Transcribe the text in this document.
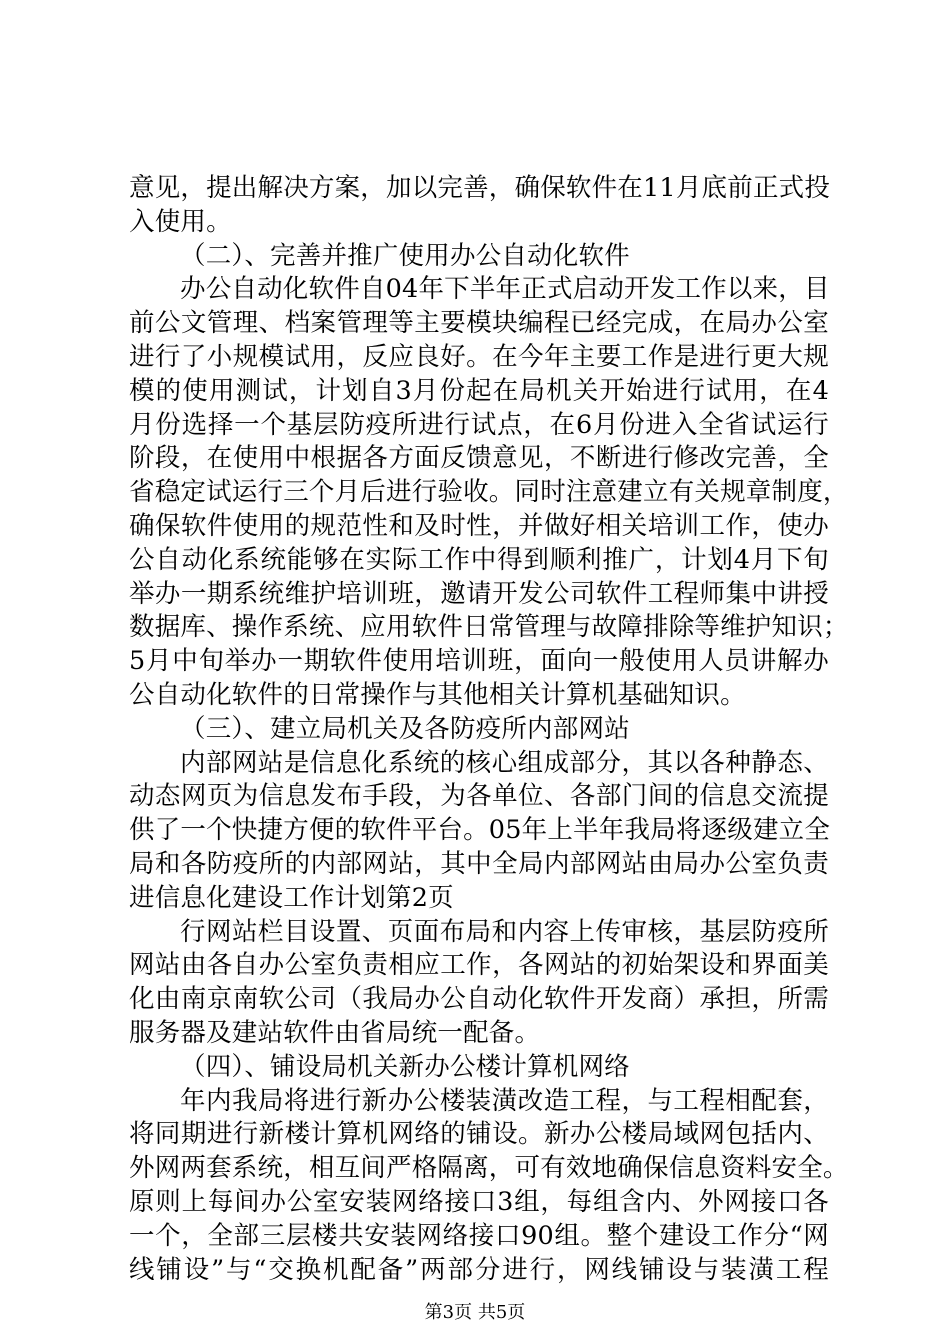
意见，提出解决方案，加以完善，确保软件在11月底前正式投
入使用。
（二）、完善并推广使用办公自动化软件
办公自动化软件自04年下半年正式启动开发工作以来，目
前公文管理、档案管理等主要模块编程已经完成，在局办公室
进行了小规模试用，反应良好。在今年主要工作是进行更大规
模的使用测试，计划自3月份起在局机关开始进行试用，在4
月份选择一个基层防疫所进行试点，在6月份进入全省试运行
阶段，在使用中根据各方面反馈意见，不断进行修改完善，全
省稳定试运行三个月后进行验收。同时注意建立有关规章制度，
确保软件使用的规范性和及时性，并做好相关培训工作，使办
公自动化系统能够在实际工作中得到顺利推广，计划4月下旬
举办一期系统维护培训班，邀请开发公司软件工程师集中讲授
数据库、操作系统、应用软件日常管理与故障排除等维护知识；
5月中旬举办一期软件使用培训班，面向一般使用人员讲解办
公自动化软件的日常操作与其他相关计算机基础知识。
（三）、建立局机关及各防疫所内部网站
内部网站是信息化系统的核心组成部分，其以各种静态、
动态网页为信息发布手段，为各单位、各部门间的信息交流提
供了一个快捷方便的软件平台。05年上半年我局将逐级建立全
局和各防疫所的内部网站，其中全局内部网站由局办公室负责
进信息化建设工作计划第2页
行网站栏目设置、页面布局和内容上传审核，基层防疫所
网站由各自办公室负责相应工作，各网站的初始架设和界面美
化由南京南软公司（我局办公自动化软件开发商）承担，所需
服务器及建站软件由省局统一配备。
（四）、铺设局机关新办公楼计算机网络
年内我局将进行新办公楼装潢改造工程，与工程相配套，
将同期进行新楼计算机网络的铺设。新办公楼局域网包括内、
外网两套系统，相互间严格隔离，可有效地确保信息资料安全。
原则上每间办公室安装网络接口3组，每组含内、外网接口各
一个，全部三层楼共安装网络接口90组。整个建设工作分“网
线铺设”与“交换机配备”两部分进行，网线铺设与装潢工程
第3页 共5页
